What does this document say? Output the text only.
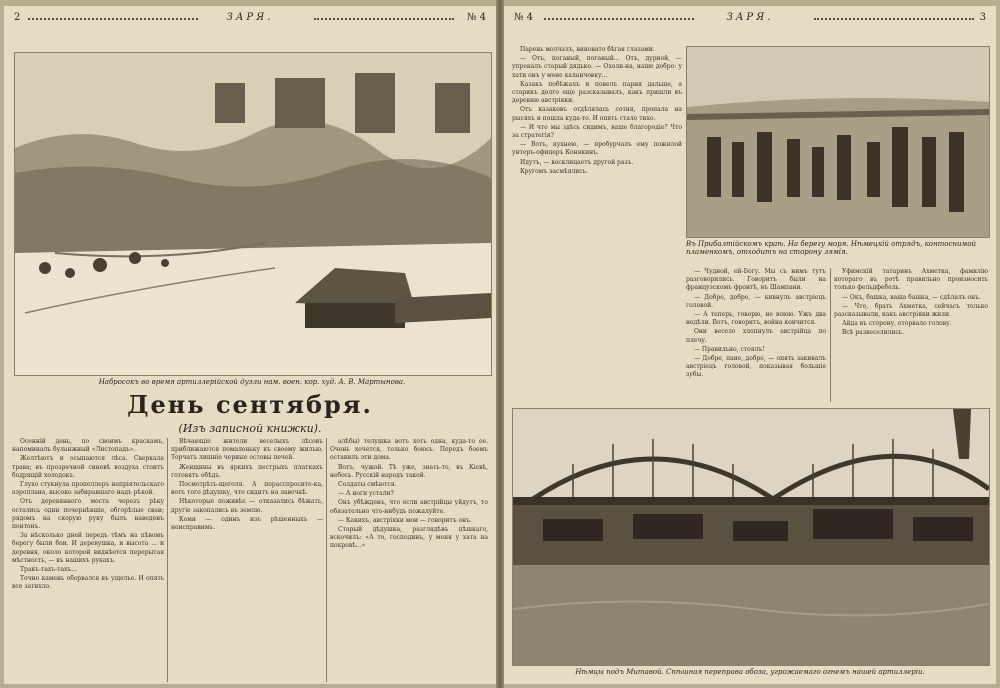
2	ЗАРЯ.	№ 4
Набросокъ во время артиллерійской дуэли нам. воен. кор. худ. А. В. Мартынова.
День сентября.
(Изъ записной книжки).

Осенній день, по своимъ краскамъ, напоминалъ буланжный «Листопадъ».

Желтѣютъ и осыпаются лѣса. Сверкала трава; въ прозрачной синевѣ воздуха стоитъ бодрящій холодокъ.

Глухо стукнула пропеллеръ непріятельскаго аэроплана, высоко забиравшаго надъ рѣкой.

Отъ деревянного моста черезъ рѣку остались одни почернѣвшіе, обгорѣлые сваи; рядомъ на скорую руку былъ наведенъ понтонъ.

За нѣсколько дней передъ тѣмъ на пѣвомъ берегу были бои. И деревушка, и высота ... и деревня, около которой виднѣется перерытая мѣстность, — въ нашихъ рукахъ.

Тракъ-тахъ-тахъ...

Точно камень оборвался въ ущелье. И опять все затихло.

Вѣчающіе жители веселыхъ лѣсовъ приближаются помаленьку къ своему жилью. Торчатъ лишніе черные остовы печей.

Женщины въ яркихъ пестрыхъ платкахъ готовятъ обѣдъ.

Посмотрѣть-щеголя. А порасспросите-ка, вотъ того дѣдушку, что сидитъ на лавочкѣ.

Нѣкоторые поживѣе — отказались бѣжать, другіе закопались въ землю.

Коми — одинъ изъ рѣшенныхъ — неисправимъ.

алѣбы) телушка вотъ хоть одна, куда-то ее. Очень хочется, только боюсь. Передъ боемъ оставилъ эти дома.

Вотъ, чужой. Тѣ уже, знать-то, въ Кіевѣ, небось. Русскій народъ такой.

Солдаты смѣются.

— А ноги устали?

Онъ убѣжденъ, что если австрійцы уйдутъ, то обязательно что-нибудь пожалуйте.

— Какихъ, австріяки мои — говоритъ онъ.

Старый дѣдушка, разглядѣвъ пѣшкаго, вскочилъ: «А то, господинъ, у меня у хата на покровѣ...»

№ 4	ЗАРЯ.	3

Парень молчалъ, виновато бѣгая глазами.

— Отъ, поганый, поганый... Отъ, дурной, — упрекалъ старый дядько. — Охоли-на, наше добро: у хати онъ у мене каланчовку...

Казакъ побѣжалъ и повелъ парня дальше, а старикъ долго еще разсказывалъ, какъ пришли въ деревню австріяки.

Отъ казаковъ отдѣлялась сотня, пропала на рысяхъ и пошла куда-то. И опять стало тихо.

— И что мы здѣсь сидимъ, ваше благородіе? Что за стратегія?

— Вотъ, кухнею, — пробурчалъ ему пожилой унтеръ-офицеръ Конякинъ.

Идутъ, — восклицаетъ другой разъ.

Кругомъ засмѣялись.

Въ Прибалтійскомъ краѣ. На берегу моря. Нѣмецкій отрядъ, контоснимой пламенкомъ, отходитъ на сторону лямія.

— Чудной, ей-Богу. Мы съ нимъ тутъ разговорились. Говоритъ были на французскомъ фронтѣ, въ Шампани.

— Добре, добре, — кивнулъ австріецъ головой.

— А теперь, говорю, не воюю. Ужъ два недѣли. Вотъ, говоритъ, война кончится.

Они весело хлопнулъ австрійца по плечу.

— Правильно, стоялъ!

— Добре, пане, добре, — опять закивалъ австріецъ головой, показывая большіе зубы.

Уфимскій татаринъ Ахметка, фамилію котораго въ ротѣ правильно произносить только фельдфебель.

— Окъ, башка, ваша башка, — сдѣлалъ онъ.

— Что, брать Ахметка, сейчасъ только разсказывали, какъ австріяки жили.

Айда въ сторону, оторвало голову.

Всѣ развеселились.

Нѣмцы подъ Митавой. Спѣшная переправа обоза, угрожаемаго огнемъ нашей артиллеріи.
